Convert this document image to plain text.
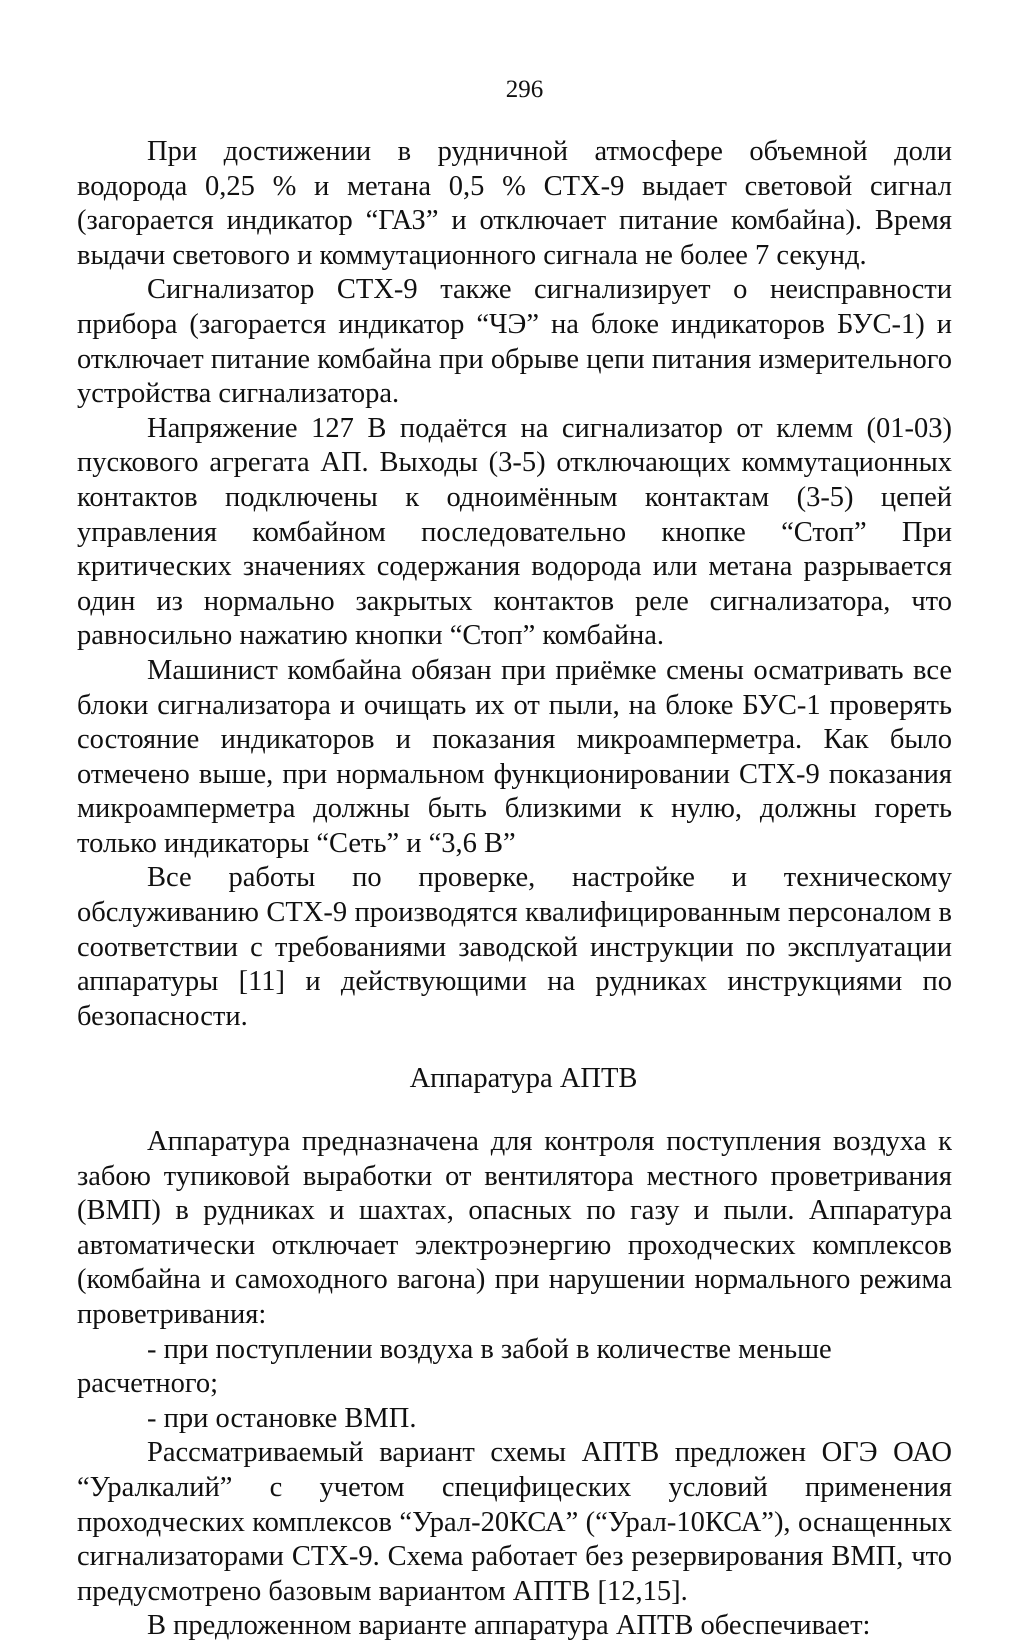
296

При достижении в рудничной атмосфере объемной доли водорода 0,25 % и метана 0,5 % СТХ-9 выдает световой сигнал (загорается индикатор “ГАЗ” и отключает питание комбайна). Время выдачи светового и коммутационного сигнала не более 7 секунд.

Сигнализатор СТХ-9 также сигнализирует о неисправности прибора (загорается индикатор “ЧЭ” на блоке индикаторов БУС-1) и отключает питание комбайна при обрыве цепи питания измерительного устройства сигнализатора.

Напряжение 127 В подаётся на сигнализатор от клемм (01-03) пускового агрегата АП. Выходы (3-5) отключающих коммутационных контактов подключены к одноимённым контактам (3-5) цепей управления комбайном последовательно кнопке “Стоп” При критических значениях содержания водорода или метана разрывается один из нормально закрытых контактов реле сигнализатора, что равносильно нажатию кнопки “Стоп” комбайна.

Машинист комбайна обязан при приёмке смены осматривать все блоки сигнализатора и очищать их от пыли, на блоке БУС-1 проверять состояние индикаторов и показания микроамперметра. Как было отмечено выше, при нормальном функционировании СТХ-9 показания микроамперметра должны быть близкими к нулю, должны гореть только индикаторы “Сеть” и “3,6 В”

Все работы по проверке, настройке и техническому обслуживанию СТХ-9 производятся квалифицированным персоналом в соответствии с требованиями заводской инструкции по эксплуатации аппаратуры [11] и действующими на рудниках инструкциями по безопасности.

Аппаратура АПТВ

Аппаратура предназначена для контроля поступления воздуха к забою тупиковой выработки от вентилятора местного проветривания (ВМП) в рудниках и шахтах, опасных по газу и пыли. Аппаратура автоматически отключает электроэнергию проходческих комплексов (комбайна и самоходного вагона) при нарушении нормального режима проветривания:

- при поступлении воздуха в забой в количестве меньше расчетного;

- при остановке ВМП.

Рассматриваемый вариант схемы АПТВ предложен ОГЭ ОАО “Уралкалий” с учетом специфицеских условий применения проходческих комплексов “Урал-20КСА” (“Урал-10КСА”), оснащенных сигнализаторами СТХ-9. Схема работает без резервирования ВМП, что предусмотрено базовым вариантом АПТВ [12,15].

В предложенном варианте аппаратура АПТВ обеспечивает:
